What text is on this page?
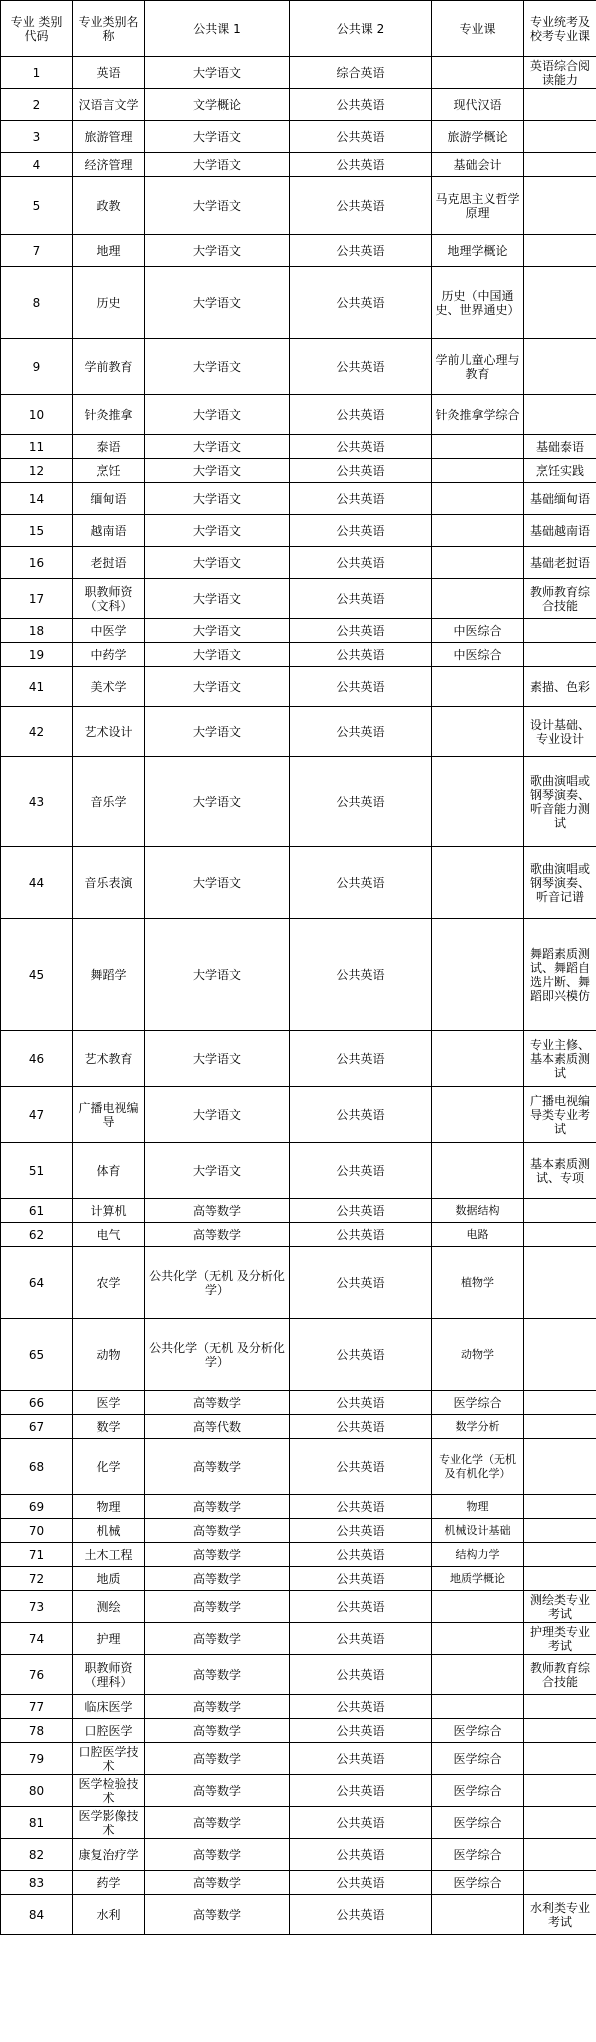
专业 类别 代码	专业类别名称	公共课 1	公共课 2	专业课	专业统考及校考专业课
1	英语	大学语文	综合英语		英语综合阅读能力
2	汉语言文学	文学概论	公共英语	现代汉语	
3	旅游管理	大学语文	公共英语	旅游学概论	
4	经济管理	大学语文	公共英语	基础会计	
5	政教	大学语文	公共英语	马克思主义哲学原理	
7	地理	大学语文	公共英语	地理学概论	
8	历史	大学语文	公共英语	历史（中国通史、世界通史）	
9	学前教育	大学语文	公共英语	学前儿童心理与教育	
10	针灸推拿	大学语文	公共英语	针灸推拿学综合	
11	泰语	大学语文	公共英语		基础泰语
12	烹饪	大学语文	公共英语		烹饪实践
14	缅甸语	大学语文	公共英语		基础缅甸语
15	越南语	大学语文	公共英语		基础越南语
16	老挝语	大学语文	公共英语		基础老挝语
17	职教师资（文科）	大学语文	公共英语		教师教育综合技能
18	中医学	大学语文	公共英语	中医综合	
19	中药学	大学语文	公共英语	中医综合	
41	美术学	大学语文	公共英语		素描、色彩
42	艺术设计	大学语文	公共英语		设计基础、专业设计
43	音乐学	大学语文	公共英语		歌曲演唱或钢琴演奏、听音能力测试
44	音乐表演	大学语文	公共英语		歌曲演唱或钢琴演奏、听音记谱
45	舞蹈学	大学语文	公共英语		舞蹈素质测试、舞蹈自选片断、舞蹈即兴模仿
46	艺术教育	大学语文	公共英语		专业主修、基本素质测试
47	广播电视编导	大学语文	公共英语		广播电视编导类专业考 试
51	体育	大学语文	公共英语		基本素质测试、专项
61	计算机	高等数学	公共英语	数据结构	
62	电气	高等数学	公共英语	电路	
64	农学	公共化学（无机 及分析化学）	公共英语	植物学	
65	动物	公共化学（无机 及分析化学）	公共英语	动物学	
66	医学	高等数学	公共英语	医学综合	
67	数学	高等代数	公共英语	数学分析	
68	化学	高等数学	公共英语	专业化学（无机及有机化学）	
69	物理	高等数学	公共英语	物理	
70	机械	高等数学	公共英语	机械设计基础	
71	土木工程	高等数学	公共英语	结构力学	
72	地质	高等数学	公共英语	地质学概论	
73	测绘	高等数学	公共英语		测绘类专业考试
74	护理	高等数学	公共英语		护理类专业考试
76	职教师资（理科）	高等数学	公共英语		教师教育综合技能
77	临床医学	高等数学	公共英语		
78	口腔医学	高等数学	公共英语	医学综合	
79	口腔医学技术	高等数学	公共英语	医学综合	
80	医学检验技术	高等数学	公共英语	医学综合	
81	医学影像技术	高等数学	公共英语	医学综合	
82	康复治疗学	高等数学	公共英语	医学综合	
83	药学	高等数学	公共英语	医学综合	
84	水利	高等数学	公共英语		水利类专业考试
